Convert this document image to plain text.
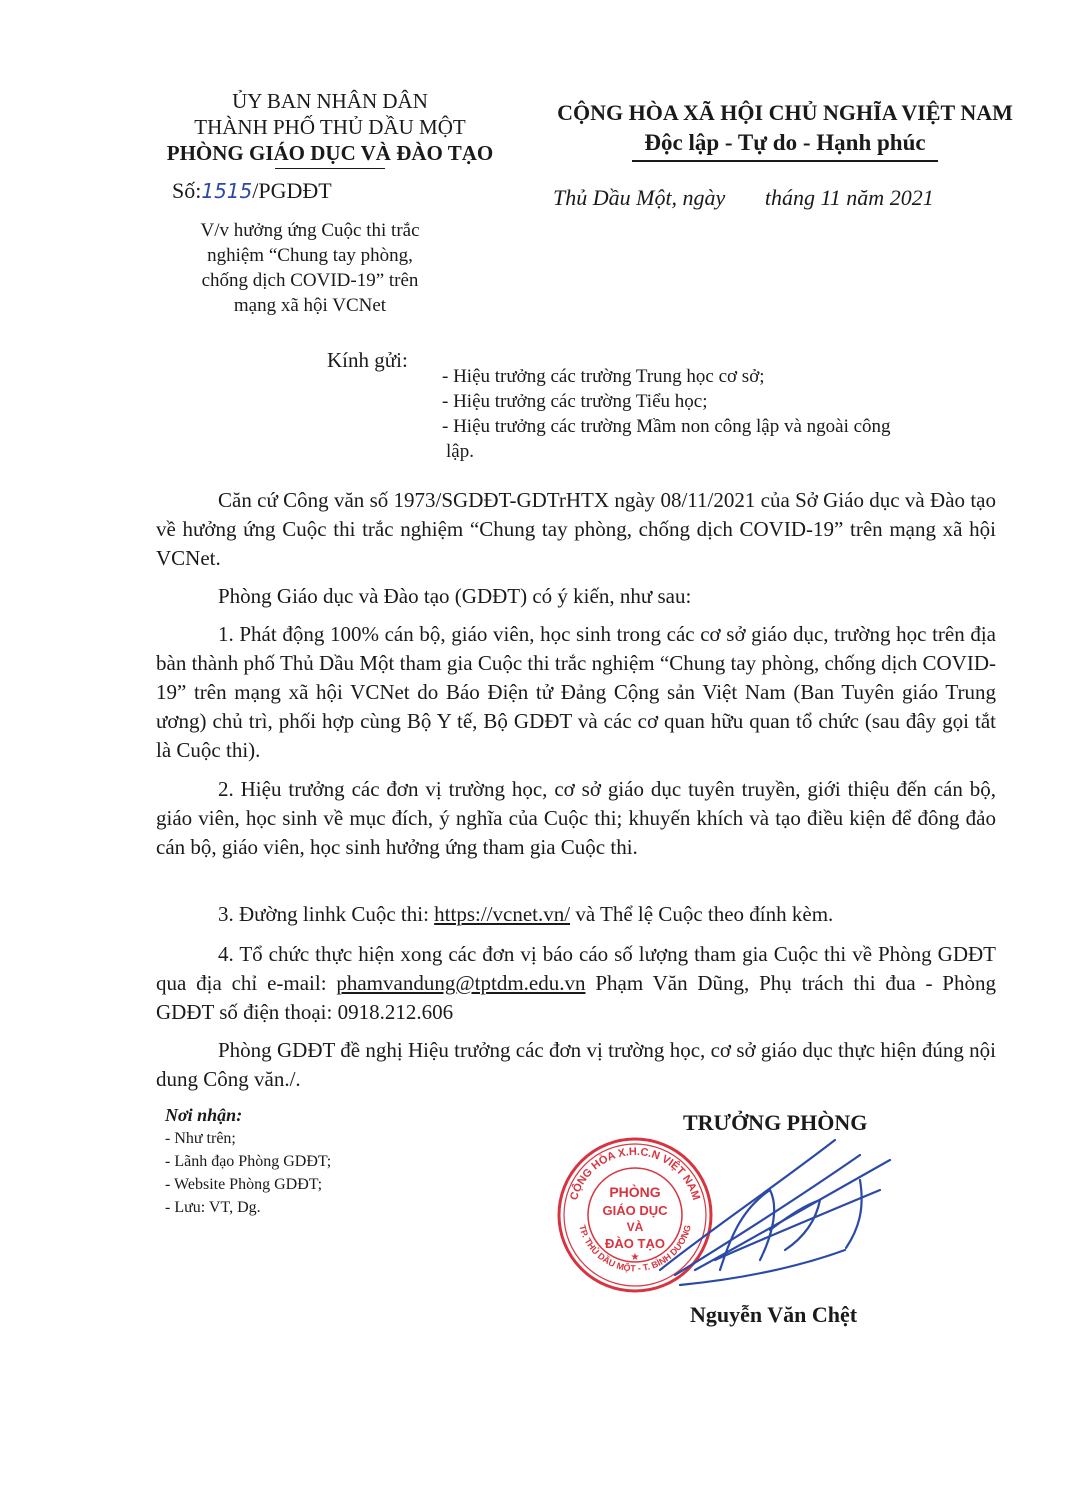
ỦY BAN NHÂN DÂN
THÀNH PHỐ THỦ DẦU MỘT
PHÒNG GIÁO DỤC VÀ ĐÀO TẠO
Số:1515/PGDĐT
V/v hưởng ứng Cuộc thi trắc
nghiệm “Chung tay phòng,
chống dịch COVID-19” trên
mạng xã hội VCNet
CỘNG HÒA XÃ HỘI CHỦ NGHĨA VIỆT NAM
Độc lập - Tự do - Hạnh phúc
Thủ Dầu Một, ngày tháng 11 năm 2021
Kính gửi:
- Hiệu trưởng các trường Trung học cơ sở;
- Hiệu trưởng các trường Tiểu học;
- Hiệu trưởng các trường Mầm non công lập và ngoài công
lập.

Căn cứ Công văn số 1973/SGDĐT-GDTrHTX ngày 08/11/2021 của Sở Giáo dục và Đào tạo về hưởng ứng Cuộc thi trắc nghiệm “Chung tay phòng, chống dịch COVID-19” trên mạng xã hội VCNet.

Phòng Giáo dục và Đào tạo (GDĐT) có ý kiến, như sau:

1. Phát động 100% cán bộ, giáo viên, học sinh trong các cơ sở giáo dục, trường học trên địa bàn thành phố Thủ Dầu Một tham gia Cuộc thi trắc nghiệm “Chung tay phòng, chống dịch COVID-19” trên mạng xã hội VCNet do Báo Điện tử Đảng Cộng sản Việt Nam (Ban Tuyên giáo Trung ương) chủ trì, phối hợp cùng Bộ Y tế, Bộ GDĐT và các cơ quan hữu quan tổ chức (sau đây gọi tắt là Cuộc thi).

2. Hiệu trưởng các đơn vị trường học, cơ sở giáo dục tuyên truyền, giới thiệu đến cán bộ, giáo viên, học sinh về mục đích, ý nghĩa của Cuộc thi; khuyến khích và tạo điều kiện để đông đảo cán bộ, giáo viên, học sinh hưởng ứng tham gia Cuộc thi.

3. Đường linhk Cuộc thi: https://vcnet.vn/ và Thể lệ Cuộc theo đính kèm.

4. Tổ chức thực hiện xong các đơn vị báo cáo số lượng tham gia Cuộc thi về Phòng GDĐT qua địa chỉ e-mail: phamvandung@tptdm.edu.vn Phạm Văn Dũng, Phụ trách thi đua - Phòng GDĐT số điện thoại: 0918.212.606

Phòng GDĐT đề nghị Hiệu trưởng các đơn vị trường học, cơ sở giáo dục thực hiện đúng nội dung Công văn./.

Nơi nhận:
- Như trên;
- Lãnh đạo Phòng GDĐT;
- Website Phòng GDĐT;
- Lưu: VT, Dg.
TRƯỞNG PHÒNG
CỘNG HÒA X.H.C.N VIỆT NAM
TP. THỦ DẦU MỘT - T. BÌNH DƯƠNG
PHÒNG
GIÁO DỤC
VÀ
ĐÀO TẠO
★
Nguyễn Văn Chệt
